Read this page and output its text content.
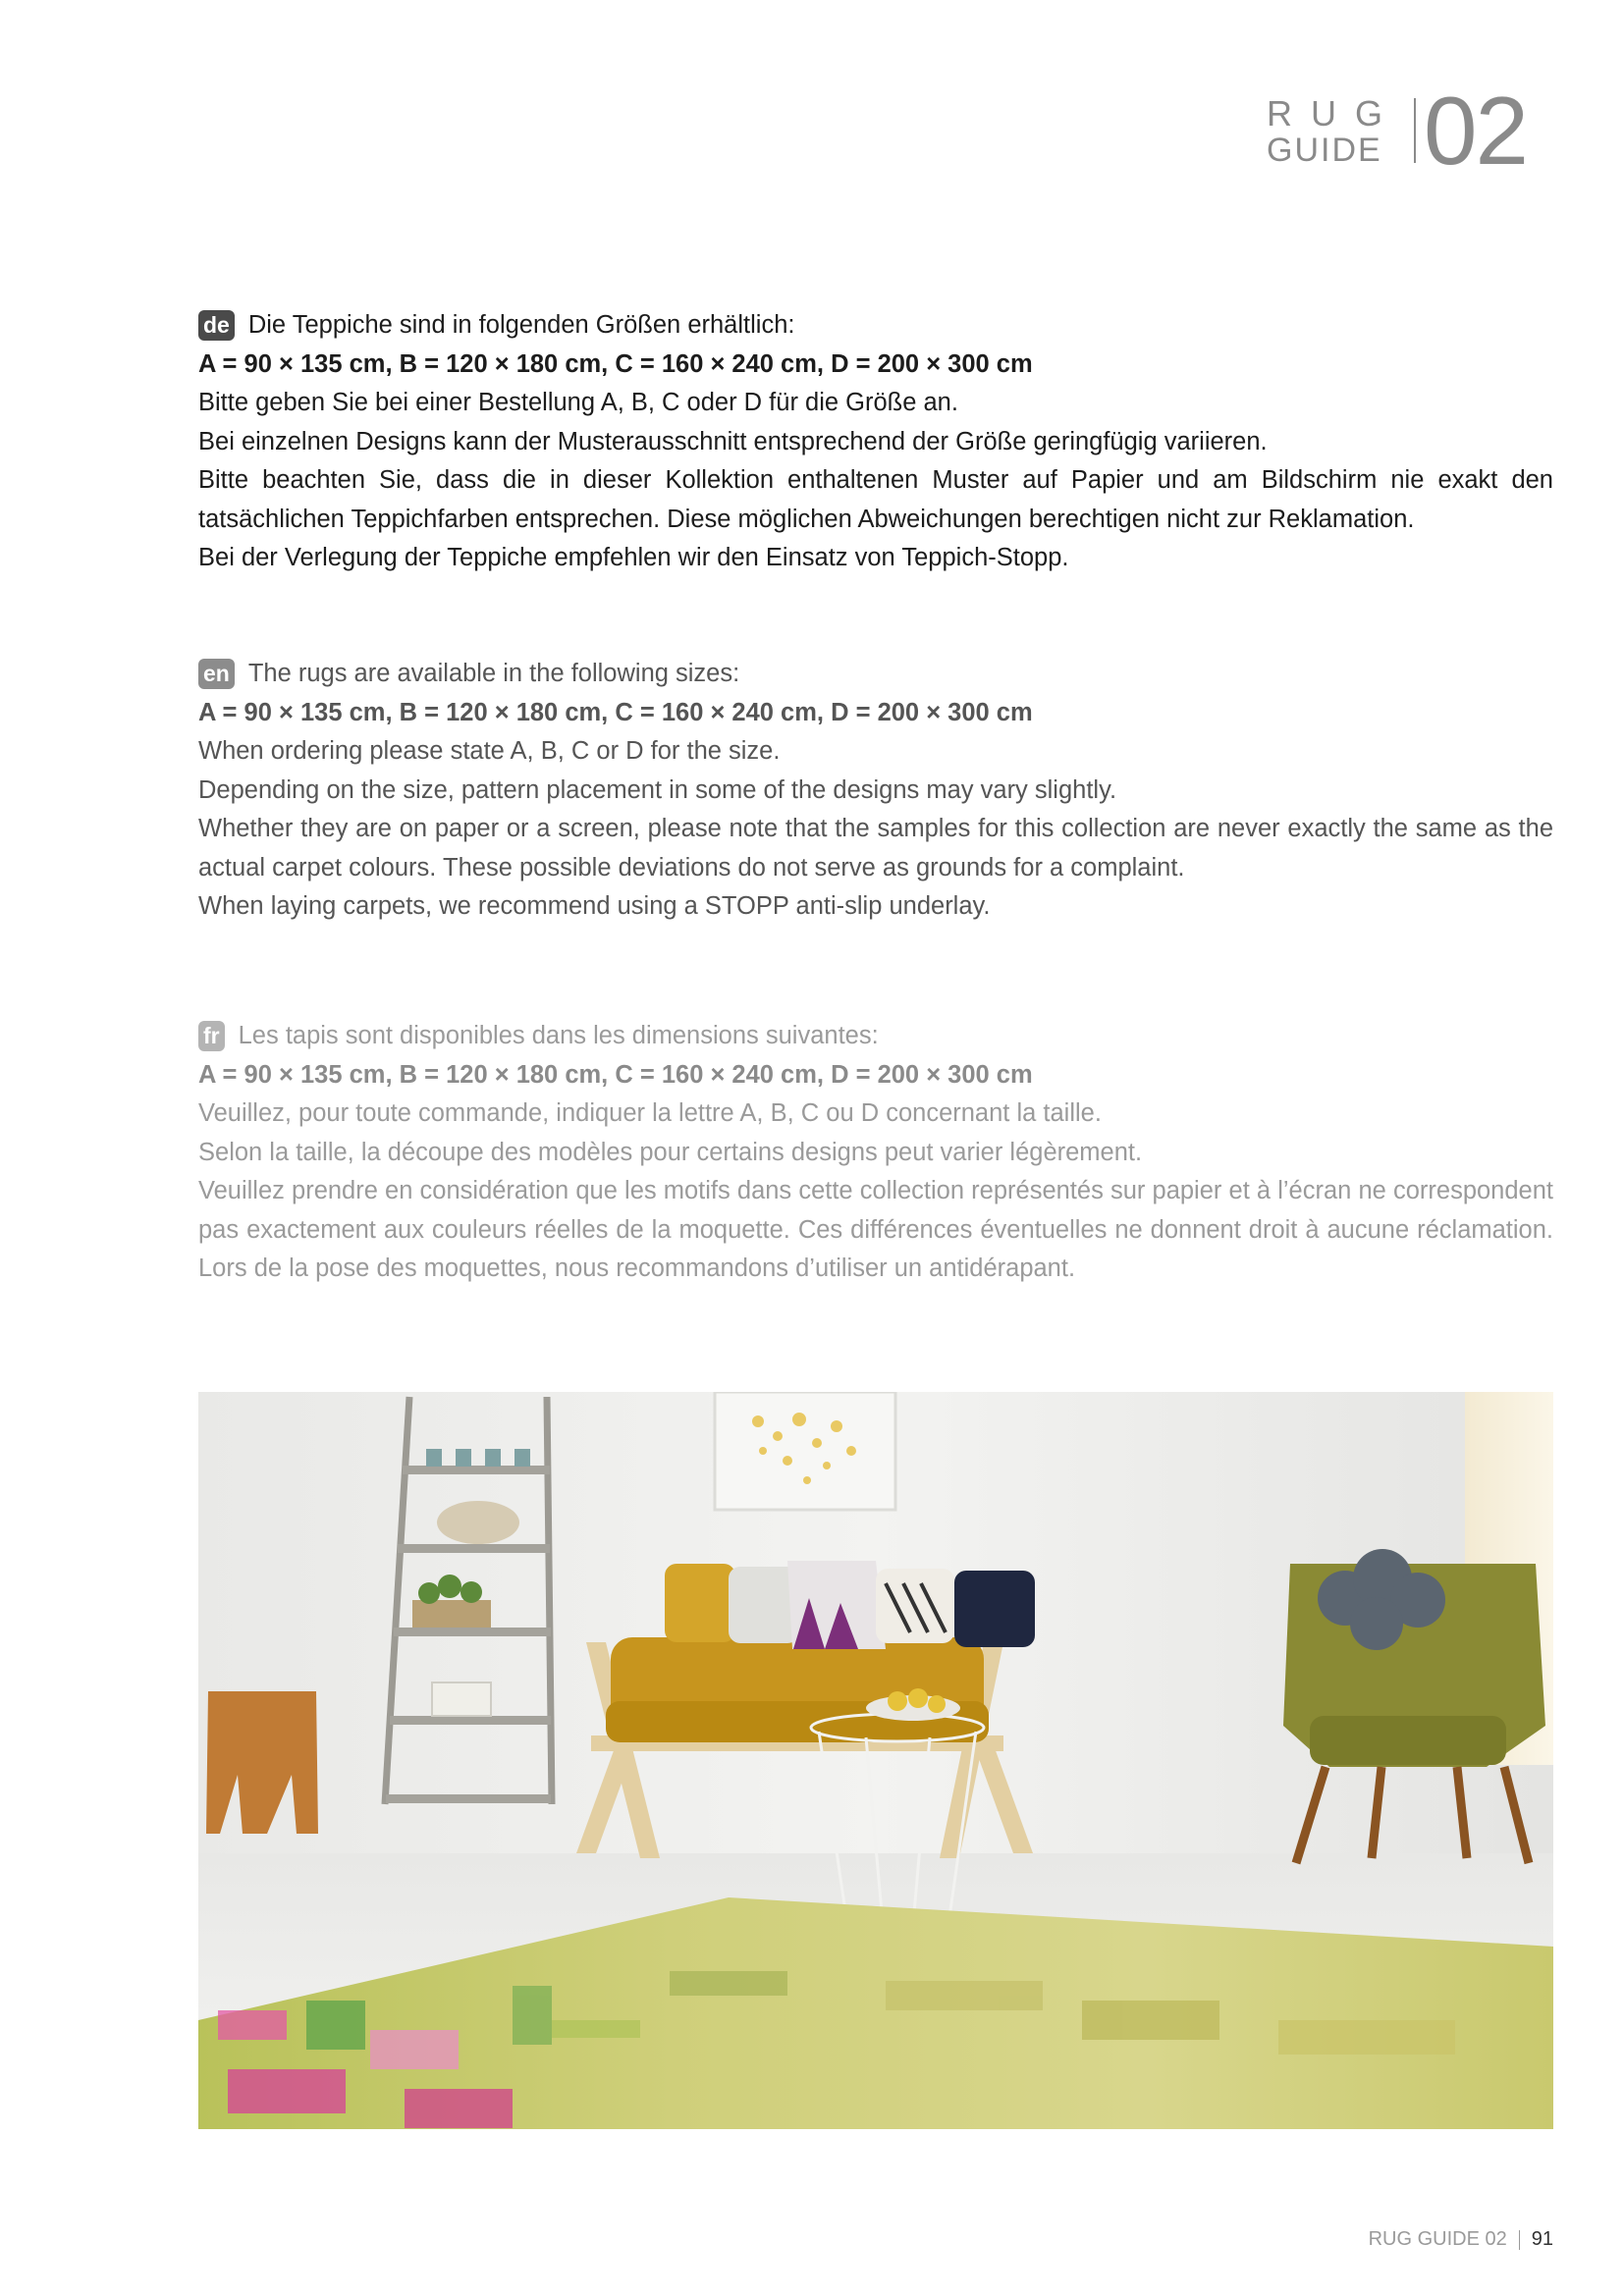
RUG
GUIDE 02

de Die Teppiche sind in folgenden Größen erhältlich:

A = 90 × 135 cm, B = 120 × 180 cm, C = 160 × 240 cm, D = 200 × 300 cm

Bitte geben Sie bei einer Bestellung A, B, C oder D für die Größe an.

Bei einzelnen Designs kann der Musterausschnitt entsprechend der Größe geringfügig variieren.

Bitte beachten Sie, dass die in dieser Kollektion enthaltenen Muster auf Papier und am Bildschirm nie exakt den tatsächlichen Teppichfarben entsprechen. Diese möglichen Abweichungen berechtigen nicht zur Reklamation.

Bei der Verlegung der Teppiche empfehlen wir den Einsatz von Teppich-Stopp.

en The rugs are available in the following sizes:

A = 90 × 135 cm, B = 120 × 180 cm, C = 160 × 240 cm, D = 200 × 300 cm

When ordering please state A, B, C or D for the size.

Depending on the size, pattern placement in some of the designs may vary slightly.

Whether they are on paper or a screen, please note that the samples for this collection are never exactly the same as the actual carpet colours. These possible deviations do not serve as grounds for a complaint.

When laying carpets, we recommend using a STOPP anti-slip underlay.

fr Les tapis sont disponibles dans les dimensions suivantes:

A = 90 × 135 cm, B = 120 × 180 cm, C = 160 × 240 cm, D = 200 × 300 cm

Veuillez, pour toute commande, indiquer la lettre A, B, C ou D concernant la taille.

Selon la taille, la découpe des modèles pour certains designs peut varier légèrement.

Veuillez prendre en considération que les motifs dans cette collection représentés sur papier et à l’écran ne correspondent pas exactement aux couleurs réelles de la moquette. Ces différences éventuelles ne donnent droit à aucune réclamation. Lors de la pose des moquettes, nous recommandons d’utiliser un antidérapant.

RUG GUIDE 02 91
